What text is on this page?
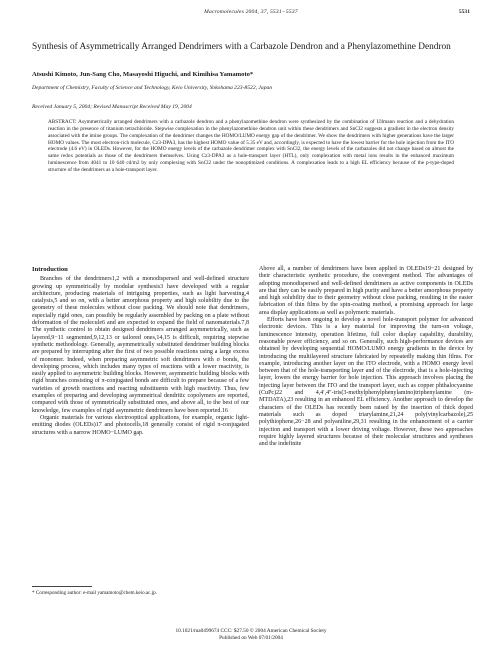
Macromolecules 2004, 37, 5531−5537	5531
Synthesis of Asymmetrically Arranged Dendrimers with a Carbazole Dendron and a Phenylazomethine Dendron
Atsushi Kimoto, Jun-Sang Cho, Masayoshi Higuchi, and Kimihisa Yamamoto*
Department of Chemistry, Faculty of Science and Technology, Keio University, Yokohama 223-8522, Japan
Received January 5, 2004; Revised Manuscript Received May 19, 2004

ABSTRACT: Asymmetrically arranged dendrimers with a carbazole dendron and a phenylazomethine dendron were synthesized by the combination of Ullmann reaction and a dehydration reaction in the presence of titanium tetrachloride. Stepwise complexation in the phenylazomethine dendron unit within these dendrimers and SnCl2 suggests a gradient in the electron density associated with the imine groups. The complexation of the dendrimer changes the HOMO/LUMO energy gap of the dendrimer. We show the dendrimers with higher generations have the larger HOMO values. The most electron-rich molecule, Cz3-DPA3, has the highest HOMO value of 5.35 eV and, accordingly, is expected to have the lowest barrier for the hole injection from the ITO electrode (4.6 eV) in OLEDs. However, for the HOMO energy levels of the carbazole dendrimer complex with SnCl2, the energy levels of the carbazoles did not change based on almost the same redox potentials as those of the dendrimers themselves. Using Cz3-DPA3 as a hole-transport layer (HTL), only complexation with metal ions results in the enhanced maximum luminescence from 4041 to 10 640 cd/m2 by only complexing with SnCl2 under the nonoptimized conditions. A complexation leads to a high EL efficiency because of the p-type-doped structure of the dendrimers as a hole-transport layer.

Introduction

Branches of the dendrimers1,2 with a monodispersed and well-defined structure growing up symmetrically by modular synthesis3 have developed with a regular architecture, producing materials of intriguing properties, such as light harvesting,4 catalysis,5 and so on, with a better amorphous property and high solubility due to the geometry of these molecules without close packing. We should note that dendrimers, especially rigid ones, can possibly be regularly assembled by packing on a plate without deformation of the molecule6 and are expected to expand the field of nanomaterials.7,8 The synthetic control to obtain designed dendrimers arranged asymmetrically, such as layered,9−11 segmented,9,12,13 or tailored ones,14,15 is difficult, requiring stepwise synthetic methodology. Generally, asymmetrically substituted dendrimer building blocks are prepared by interrupting after the first of two possible reactions using a large excess of monomer. Indeed, when preparing asymmetric soft dendrimers with σ bonds, the developing process, which includes many types of reactions with a lower reactivity, is easily applied to asymmetric building blocks. However, asymmetric building blocks with rigid branches consisting of π-conjugated bonds are difficult to prepare because of a few varieties of growth reactions and reacting substituents with high reactivity. Thus, few examples of preparing and developing asymmetrical dendritic copolymers are reported, compared with those of symmetrically substituted ones, and above all, to the best of our knowledge, few examples of rigid asymmetric dendrimers have been reported.16

Organic materials for various electrooptical applications, for example, organic light-emitting diodes (OLEDs)17 and photocells,18 generally consist of rigid π-conjugated structures with a narrow HOMO−LUMO gap.

Above all, a number of dendrimers have been applied in OLEDs19−21 designed by their characteristic synthetic procedure, the convergent method. The advantages of adopting monodispersed and well-defined dendrimers as active components in OLEDs are that they can be easily prepared in high purity and have a better amorphous property and high solubility due to their geometry without close packing, resulting in the easier fabrication of thin films by the spin-coating method, a promising approach for large area display applications as well as polymeric materials.

Efforts have been ongoing to develop a novel hole-transport polymer for advanced electronic devices. This is a key material for improving the turn-on voltage, luminescence intensity, operation lifetime, full color display capability, durability, reasonable power efficiency, and so on. Generally, such high-performance devices are obtained by developing sequential HOMO/LUMO energy gradients in the device by introducing the multilayered structure fabricated by repeatedly making thin films. For example, introducing another layer on the ITO electrode, with a HOMO energy level between that of the hole-transporting layer and of the electrode, that is a hole-injecting layer, lowers the energy barrier for hole injection. This approach involves placing the injecting layer between the ITO and the transport layer, such as copper phthalocyanine (CuPc)22 and 4,4′,4″-tris(3-methylphenylphenylamino)triphenylamine (m-MTDATA),23 resulting in an enhanced EL efficiency. Another approach to develop the characters of the OLEDs has recently been raised by the insertion of thick doped materials such as doped triarylamine,21,24 poly(vinylcarbazole),25 polythiophene,26−28 and polyaniline,29,31 resulting in the enhancement of a carrier injection and transport with a lower driving voltage. However, these two approaches require highly layered structures because of their molecular structures and syntheses and the indefinite

* Corresponding author: e-mail yamamoto@chem.keio.ac.jp.
10.1021/ma0499674 CCC: $27.50 © 2004 American Chemical Society
Published on Web 07/01/2004
